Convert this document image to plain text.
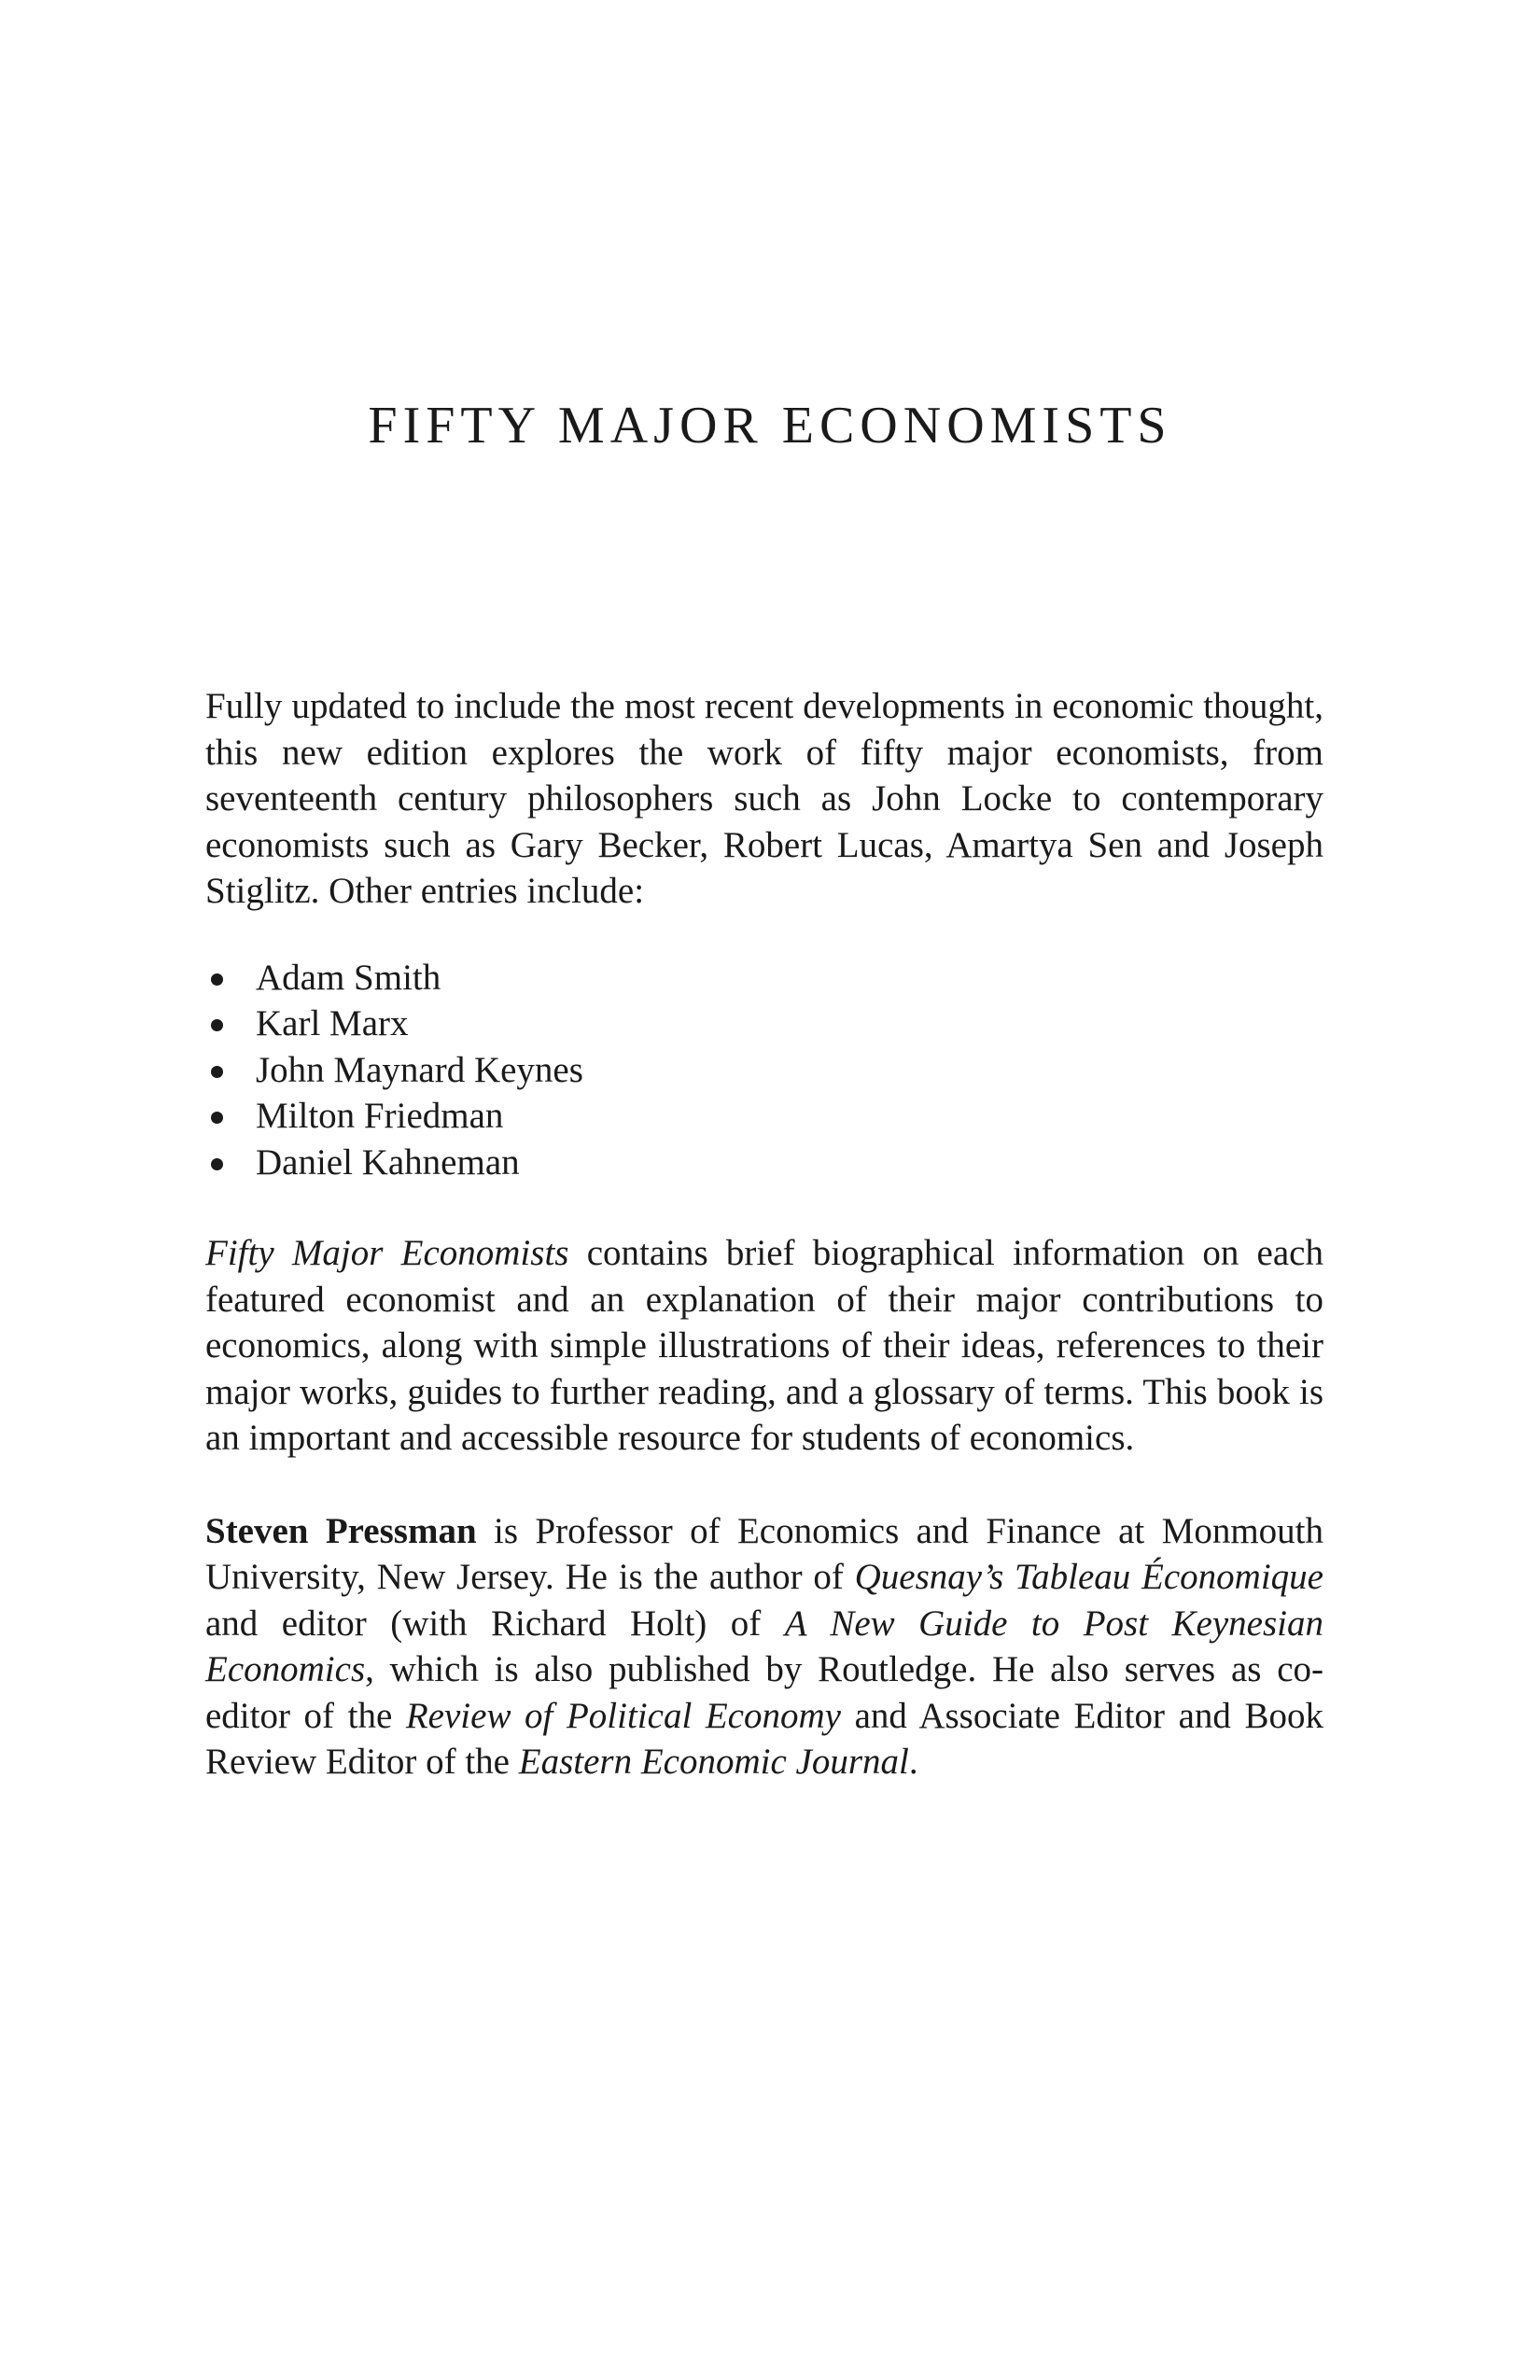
FIFTY MAJOR ECONOMISTS

Fully updated to include the most recent developments in economic thought, this new edition explores the work of fifty major economists, from seventeenth century philosophers such as John Locke to contemporary economists such as Gary Becker, Robert Lucas, Amartya Sen and Joseph Stiglitz. Other entries include:

Adam Smith
Karl Marx
John Maynard Keynes
Milton Friedman
Daniel Kahneman

Fifty Major Economists contains brief biographical information on each featured economist and an explanation of their major contributions to economics, along with simple illustrations of their ideas, references to their major works, guides to further reading, and a glossary of terms. This book is an important and accessible resource for students of economics.

Steven Pressman is Professor of Economics and Finance at Monmouth University, New Jersey. He is the author of Quesnay’s Tableau Économique and editor (with Richard Holt) of A New Guide to Post Keynesian Economics, which is also published by Routledge. He also serves as co-editor of the Review of Political Economy and Associate Editor and Book Review Editor of the Eastern Economic Journal.
